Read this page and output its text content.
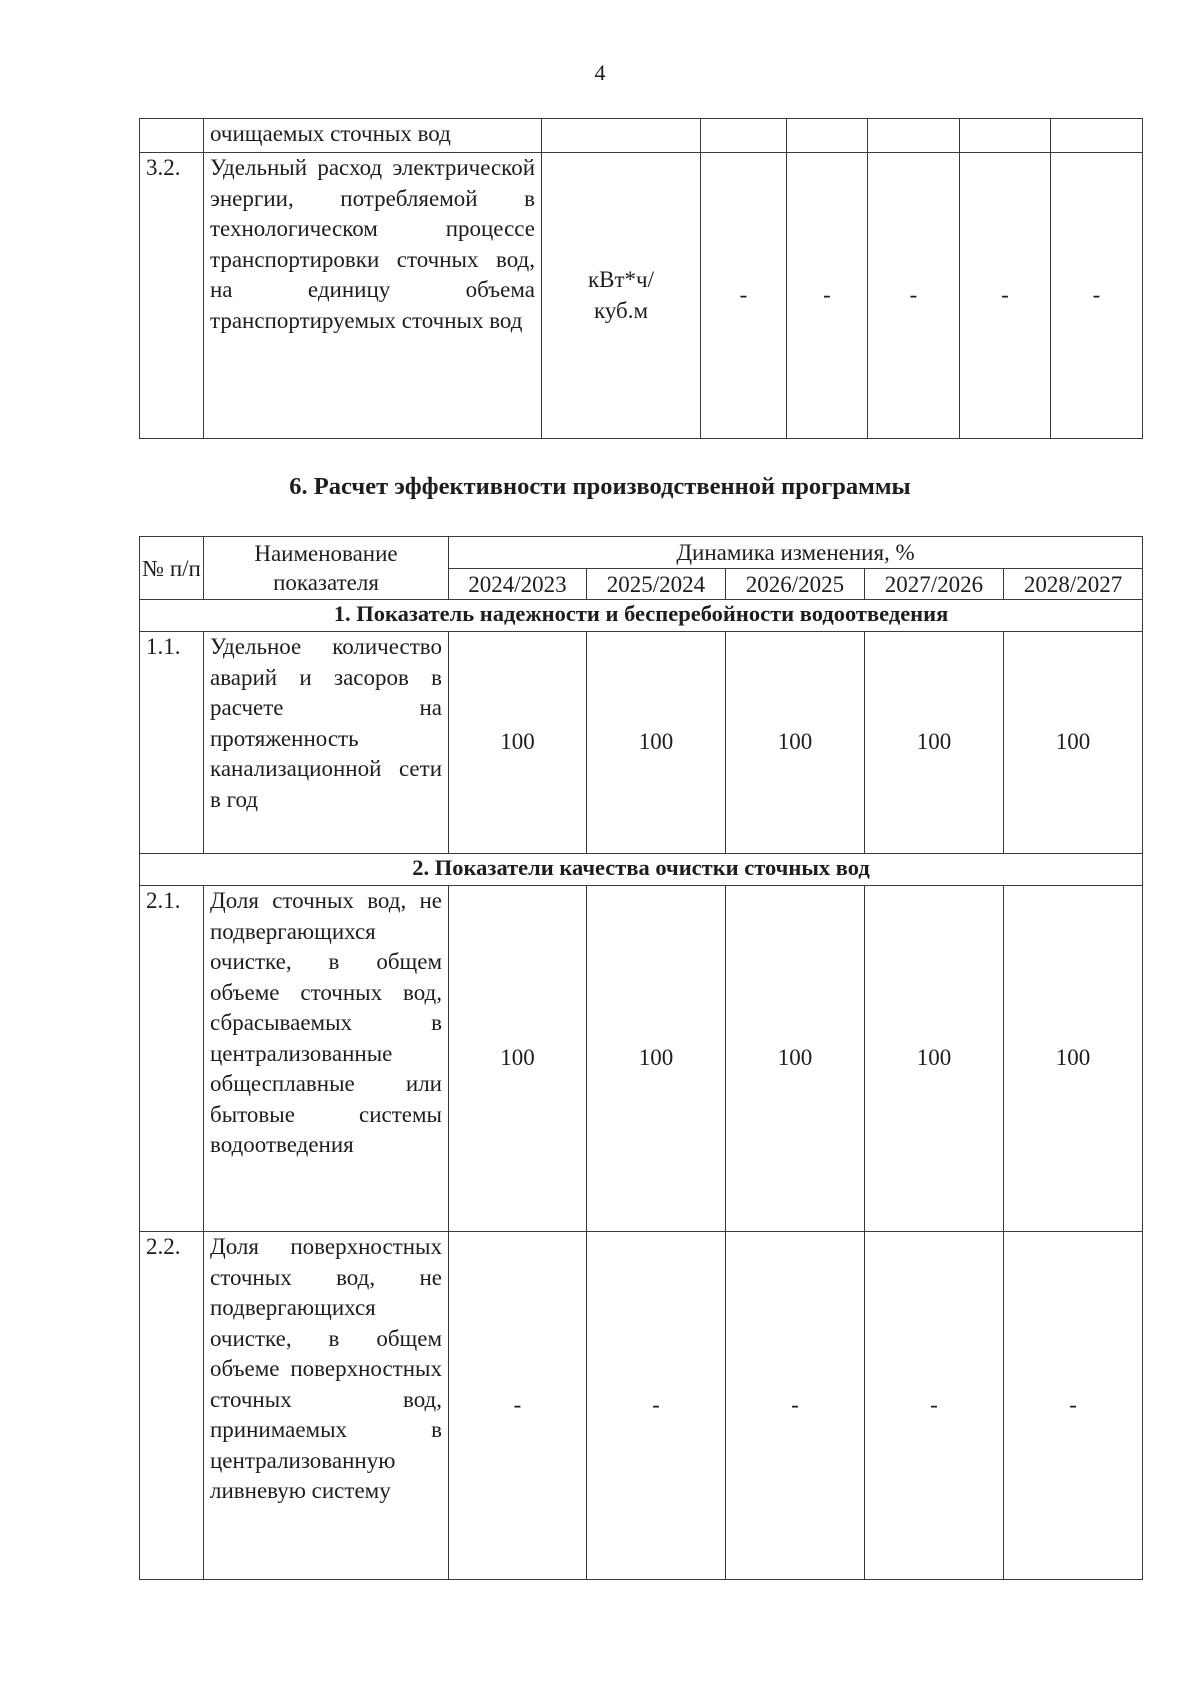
4
	очищаемых сточных вод						
3.2.	Удельный расход электрической энергии, потребляемой в технологическом процессе транспортировки сточных вод, на единицу объема транспортируемых сточных вод	кВт*ч/ куб.м	-	-	-	-	-
6. Расчет эффективности производственной программы
№ п/п	Наименование показателя	Динамика изменения, %				
		2024/2023	2025/2024	2026/2025	2027/2026	2028/2027
1. Показатель надежности и бесперебойности водоотведения						
1.1.	Удельное количество аварий и засоров в расчете на протяженность канализационной сети в год	100	100	100	100	100
2. Показатели качества очистки сточных вод						
2.1.	Доля сточных вод, не подвергающихся очистке, в общем объеме сточных вод, сбрасываемых в централизованные общесплавные или бытовые системы водоотведения	100	100	100	100	100
2.2.	Доля поверхностных сточных вод, не подвергающихся очистке, в общем объеме поверхностных сточных вод, принимаемых в централизованную ливневую систему	-	-	-	-	-
